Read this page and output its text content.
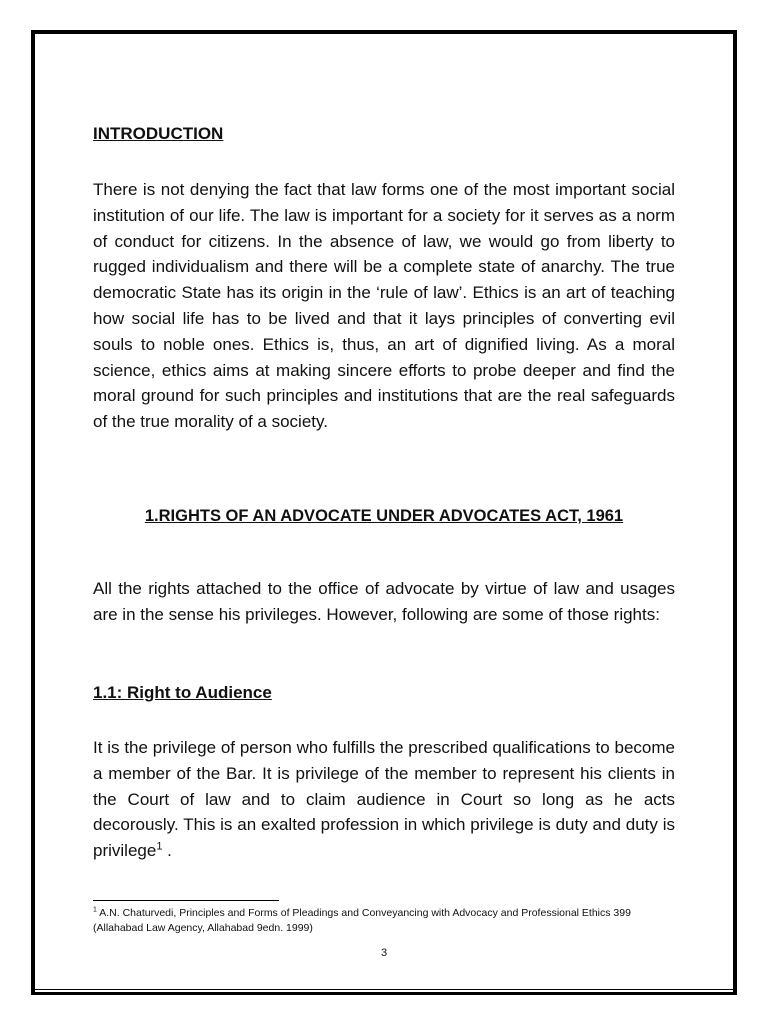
INTRODUCTION
There is not denying the fact that law forms one of the most important social institution of our life. The law is important for a society for it serves as a norm of conduct for citizens. In the absence of law, we would go from liberty to rugged individualism and there will be a complete state of anarchy. The true democratic State has its origin in the ‘rule of law’. Ethics is an art of teaching how social life has to be lived and that it lays principles of converting evil souls to noble ones. Ethics is, thus, an art of dignified living. As a moral science, ethics aims at making sincere efforts to probe deeper and find the moral ground for such principles and institutions that are the real safeguards of the true morality of a society.
1.RIGHTS OF AN ADVOCATE UNDER ADVOCATES ACT, 1961
All the rights attached to the office of advocate by virtue of law and usages are in the sense his privileges. However, following are some of those rights:
1.1: Right to Audience
It is the privilege of person who fulfills the prescribed qualifications to become a member of the Bar. It is privilege of the member to represent his clients in the Court of law and to claim audience in Court so long as he acts decorously. This is an exalted profession in which privilege is duty and duty is privilege$^1$ .
$^1$ A.N. Chaturvedi, Principles and Forms of Pleadings and Conveyancing with Advocacy and Professional Ethics 399 (Allahabad Law Agency, Allahabad 9edn. 1999)
3
